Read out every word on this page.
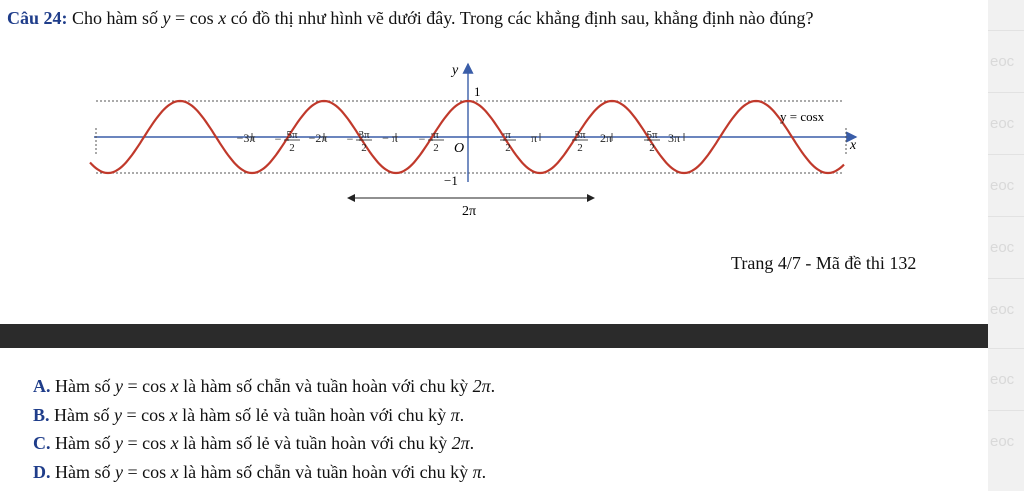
Câu 24: Cho hàm số y = cos x có đồ thị như hình vẽ dưới đây. Trong các khẳng định sau, khẳng định nào đúng?
−3π − 5π
2
−2π − 3π
2
− π − π
2
π
2
π	3π
2
2π	5π
2
3π
y
x
y = cosx
1
−1
O
2π
Trang 4/7 - Mã đề thi 132
A. Hàm số y = cos x là hàm số chẵn và tuần hoàn với chu kỳ 2π.
B. Hàm số y = cos x là hàm số lẻ và tuần hoàn với chu kỳ π.
C. Hàm số y = cos x là hàm số lẻ và tuần hoàn với chu kỳ 2π.
D. Hàm số y = cos x là hàm số chẵn và tuần hoàn với chu kỳ π.
eoc
eoc
eoc
eoc
eoc
eoc
eoc
